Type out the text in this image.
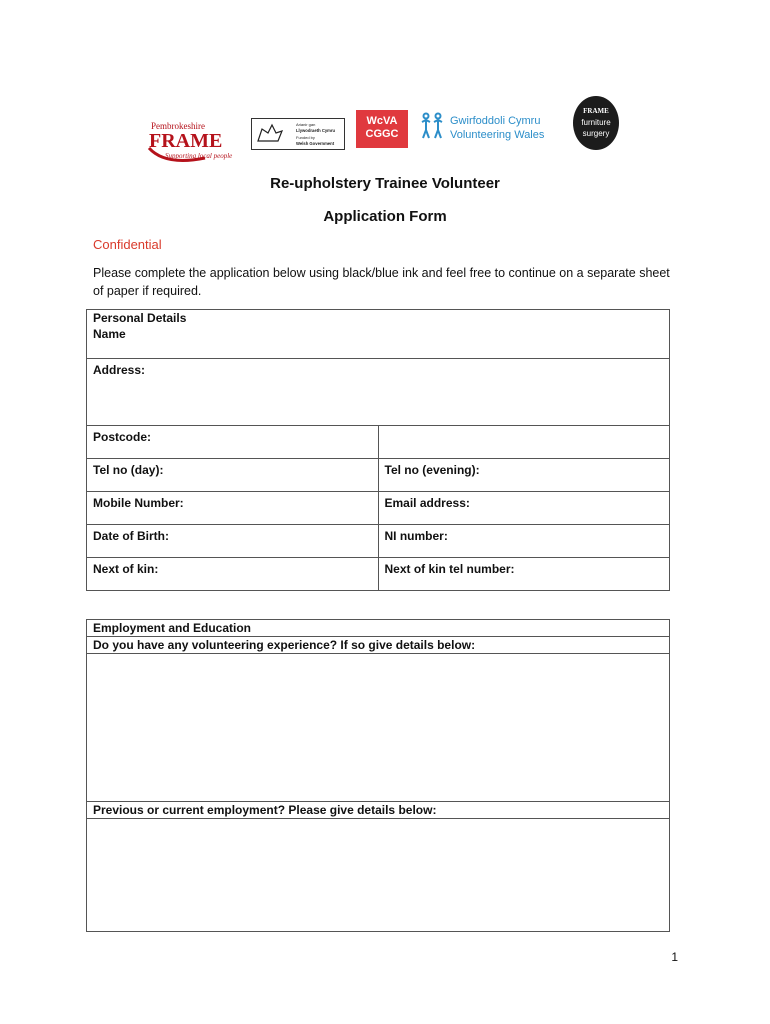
Pembrokeshire
FRAME
Supporting local people
Arianir gan
Llywodraeth Cymru
Funded by
Welsh Government
WcVA
CGGC
Gwirfoddoli Cymru
Volunteering Wales
FRAME
furniture
surgery
Re-upholstery Trainee Volunteer
Application Form
Confidential
Please complete the application below using black/blue ink and feel free to continue on a separate sheet of paper if required.
Personal Details
Name	

Address:	
Postcode:	
Tel no (day):	Tel no (evening):
Mobile Number:	Email address:
Date of Birth:	NI number:
Next of kin:	Next of kin tel number:
Employment and Education
Do you have any volunteering experience? If so give details below:

Previous or current employment? Please give details below:

1
